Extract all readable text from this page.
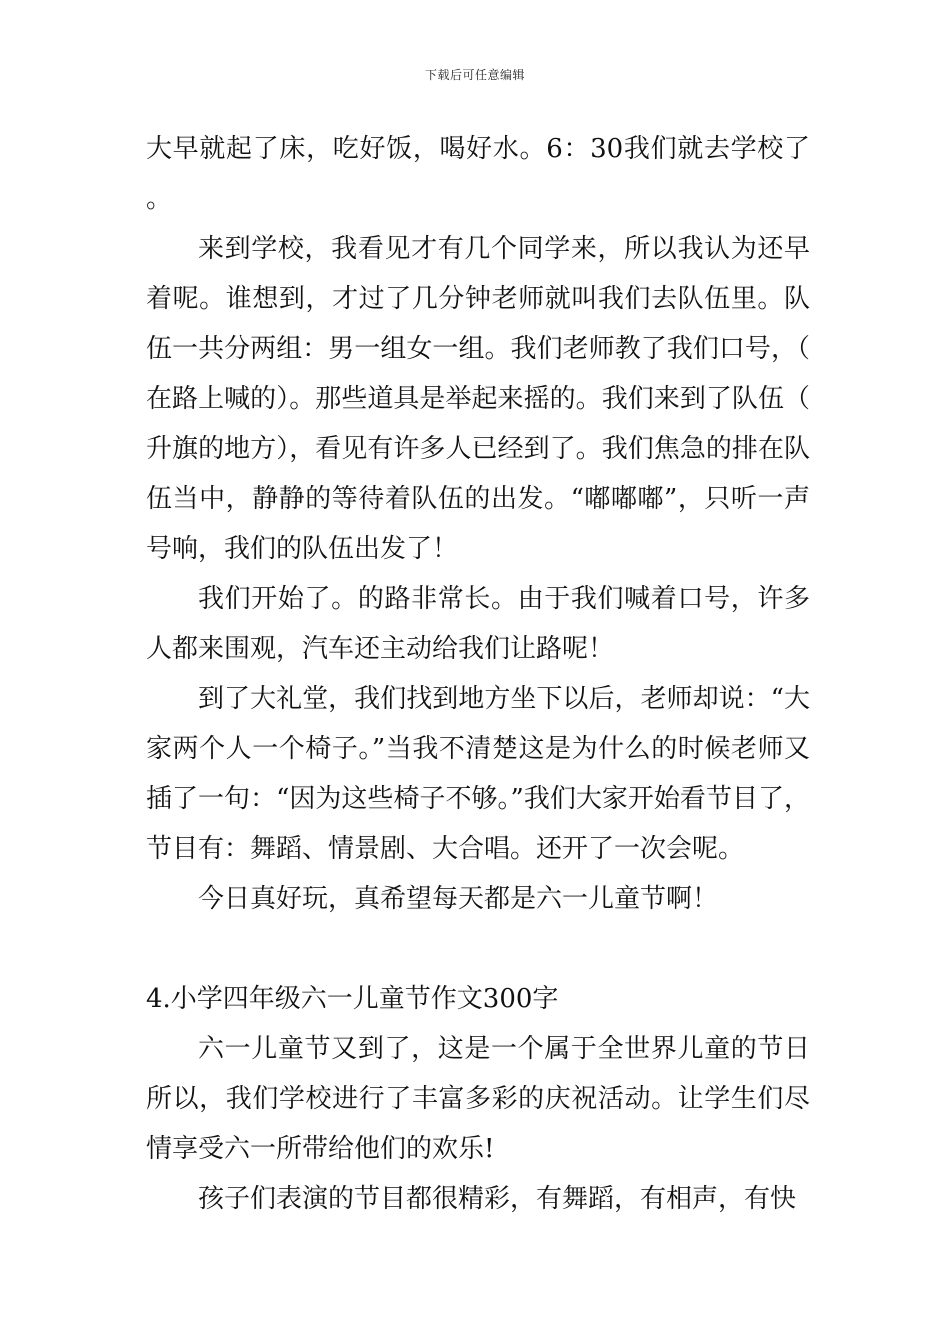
下载后可任意编辑

大早就起了床，吃好饭，喝好水。6：30我们就去学校了。

来到学校，我看见才有几个同学来，所以我认为还早着呢。谁想到，才过了几分钟老师就叫我们去队伍里。队伍一共分两组：男一组女一组。我们老师教了我们口号，（在路上喊的）。那些道具是举起来摇的。我们来到了队伍（升旗的地方），看见有许多人已经到了。我们焦急的排在队伍当中，静静的等待着队伍的出发。“嘟嘟嘟”，只听一声号响，我们的队伍出发了！

我们开始了。的路非常长。由于我们喊着口号，许多人都来围观，汽车还主动给我们让路呢！

到了大礼堂，我们找到地方坐下以后，老师却说：“大家两个人一个椅子。”当我不清楚这是为什么的时候老师又插了一句：“因为这些椅子不够。”我们大家开始看节目了，节目有：舞蹈、情景剧、大合唱。还开了一次会呢。

今日真好玩，真希望每天都是六一儿童节啊！

4.小学四年级六一儿童节作文300字

六一儿童节又到了，这是一个属于全世界儿童的节日所以，我们学校进行了丰富多彩的庆祝活动。让学生们尽情享受六一所带给他们的欢乐!

孩子们表演的节目都很精彩，有舞蹈，有相声，有快
